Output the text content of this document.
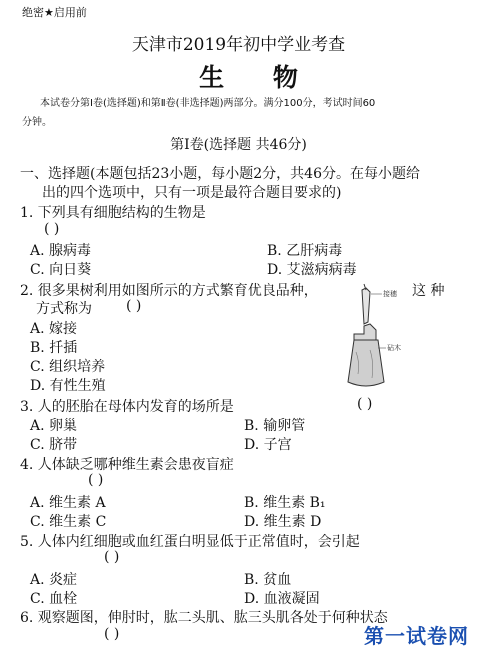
绝密★启用前
天津市2019年初中学业考查
生 物
本试卷分第Ⅰ卷(选择题)和第Ⅱ卷(非选择题)两部分。满分100分，考试时间60
分钟。
第Ⅰ卷(选择题 共46分)
一、选择题(本题包括23小题，每小题2分，共46分。在每小题给
出的四个选项中，只有一项是最符合题目要求的)
1. 下列具有细胞结构的生物是
( )
A. 腺病毒	B. 乙肝病毒
C. 向日葵	D. 艾滋病病毒
2. 很多果树利用如图所示的方式繁育优良品种，	这 种
方式称为 ( )
A. 嫁接
B. 扦插
C. 组织培养
D. 有性生殖
接穗
砧木
3. 人的胚胎在母体内发育的场所是	( )
A. 卵巢	B. 输卵管
C. 脐带	D. 子宫
4. 人体缺乏哪种维生素会患夜盲症
( )
A. 维生素 A	B. 维生素 B₁
C. 维生素 C	D. 维生素 D
5. 人体内红细胞或血红蛋白明显低于正常值时，会引起
( )
A. 炎症	B. 贫血
C. 血栓	D. 血液凝固
6. 观察题图，伸肘时，肱二头肌、肱三头肌各处于何种状态
( )	第一试卷网
